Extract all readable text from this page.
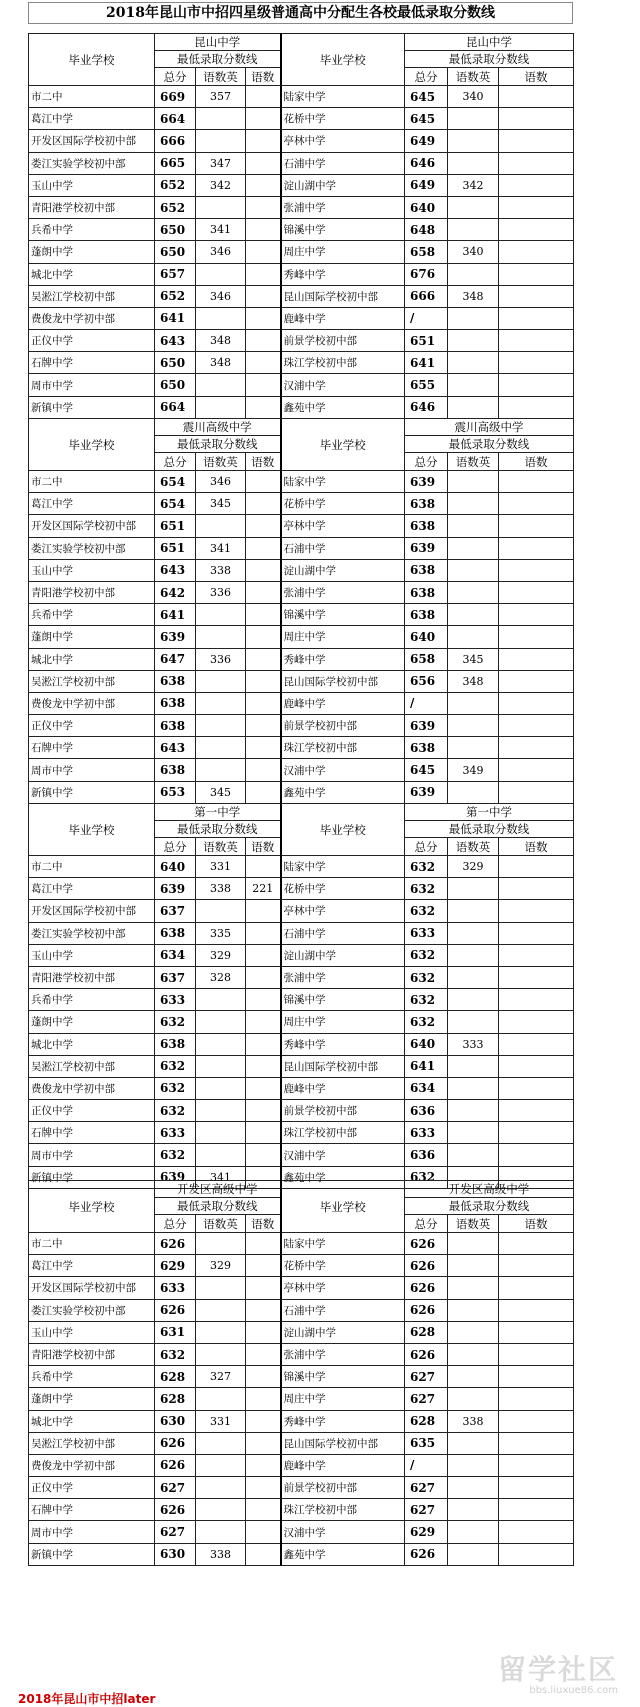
2018年昆山市中招四星级普通高中分配生各校最低录取分数线
毕业学校	昆山中学			毕业学校	昆山中学		
	最低录取分数线				最低录取分数线		
	总分	语数英	语数		总分	语数英	语数
市二中	669	357		陆家中学	645	340	
葛江中学	664			花桥中学	645		
开发区国际学校初中部	666			亭林中学	649		
娄江实验学校初中部	665	347		石浦中学	646		
玉山中学	652	342		淀山湖中学	649	342	
青阳港学校初中部	652			张浦中学	640		
兵希中学	650	341		锦溪中学	648		
蓬朗中学	650	346		周庄中学	658	340	
城北中学	657			秀峰中学	676		
吴淞江学校初中部	652	346		昆山国际学校初中部	666	348	
费俊龙中学初中部	641			鹿峰中学	/		
正仪中学	643	348		前景学校初中部	651		
石牌中学	650	348		珠江学校初中部	641		
周市中学	650			汉浦中学	655		
新镇中学	664			鑫苑中学	646		
毕业学校	震川高级中学			毕业学校	震川高级中学		
	最低录取分数线				最低录取分数线		
	总分	语数英	语数		总分	语数英	语数
市二中	654	346		陆家中学	639		
葛江中学	654	345		花桥中学	638		
开发区国际学校初中部	651			亭林中学	638		
娄江实验学校初中部	651	341		石浦中学	639		
玉山中学	643	338		淀山湖中学	638		
青阳港学校初中部	642	336		张浦中学	638		
兵希中学	641			锦溪中学	638		
蓬朗中学	639			周庄中学	640		
城北中学	647	336		秀峰中学	658	345	
吴淞江学校初中部	638			昆山国际学校初中部	656	348	
费俊龙中学初中部	638			鹿峰中学	/		
正仪中学	638			前景学校初中部	639		
石牌中学	643			珠江学校初中部	638		
周市中学	638			汉浦中学	645	349	
新镇中学	653	345		鑫苑中学	639		
毕业学校	第一中学			毕业学校	第一中学		
	最低录取分数线				最低录取分数线		
	总分	语数英	语数		总分	语数英	语数
市二中	640	331		陆家中学	632	329	
葛江中学	639	338	221	花桥中学	632		
开发区国际学校初中部	637			亭林中学	632		
娄江实验学校初中部	638	335		石浦中学	633		
玉山中学	634	329		淀山湖中学	632		
青阳港学校初中部	637	328		张浦中学	632		
兵希中学	633			锦溪中学	632		
蓬朗中学	632			周庄中学	632		
城北中学	638			秀峰中学	640	333	
吴淞江学校初中部	632			昆山国际学校初中部	641		
费俊龙中学初中部	632			鹿峰中学	634		
正仪中学	632			前景学校初中部	636		
石牌中学	633			珠江学校初中部	633		
周市中学	632			汉浦中学	636		
新镇中学	639	341		鑫苑中学	632		
毕业学校	开发区高级中学			毕业学校	开发区高级中学		
	最低录取分数线				最低录取分数线		
	总分	语数英	语数		总分	语数英	语数
市二中	626			陆家中学	626		
葛江中学	629	329		花桥中学	626		
开发区国际学校初中部	633			亭林中学	626		
娄江实验学校初中部	626			石浦中学	626		
玉山中学	631			淀山湖中学	628		
青阳港学校初中部	632			张浦中学	626		
兵希中学	628	327		锦溪中学	627		
蓬朗中学	628			周庄中学	627		
城北中学	630	331		秀峰中学	628	338	
吴淞江学校初中部	626			昆山国际学校初中部	635		
费俊龙中学初中部	626			鹿峰中学	/		
正仪中学	627			前景学校初中部	627		
石牌中学	626			珠江学校初中部	627		
周市中学	627			汉浦中学	629		
新镇中学	630	338		鑫苑中学	626		
留学社区
bbs.liuxue86.com
2018年昆山市中招later
